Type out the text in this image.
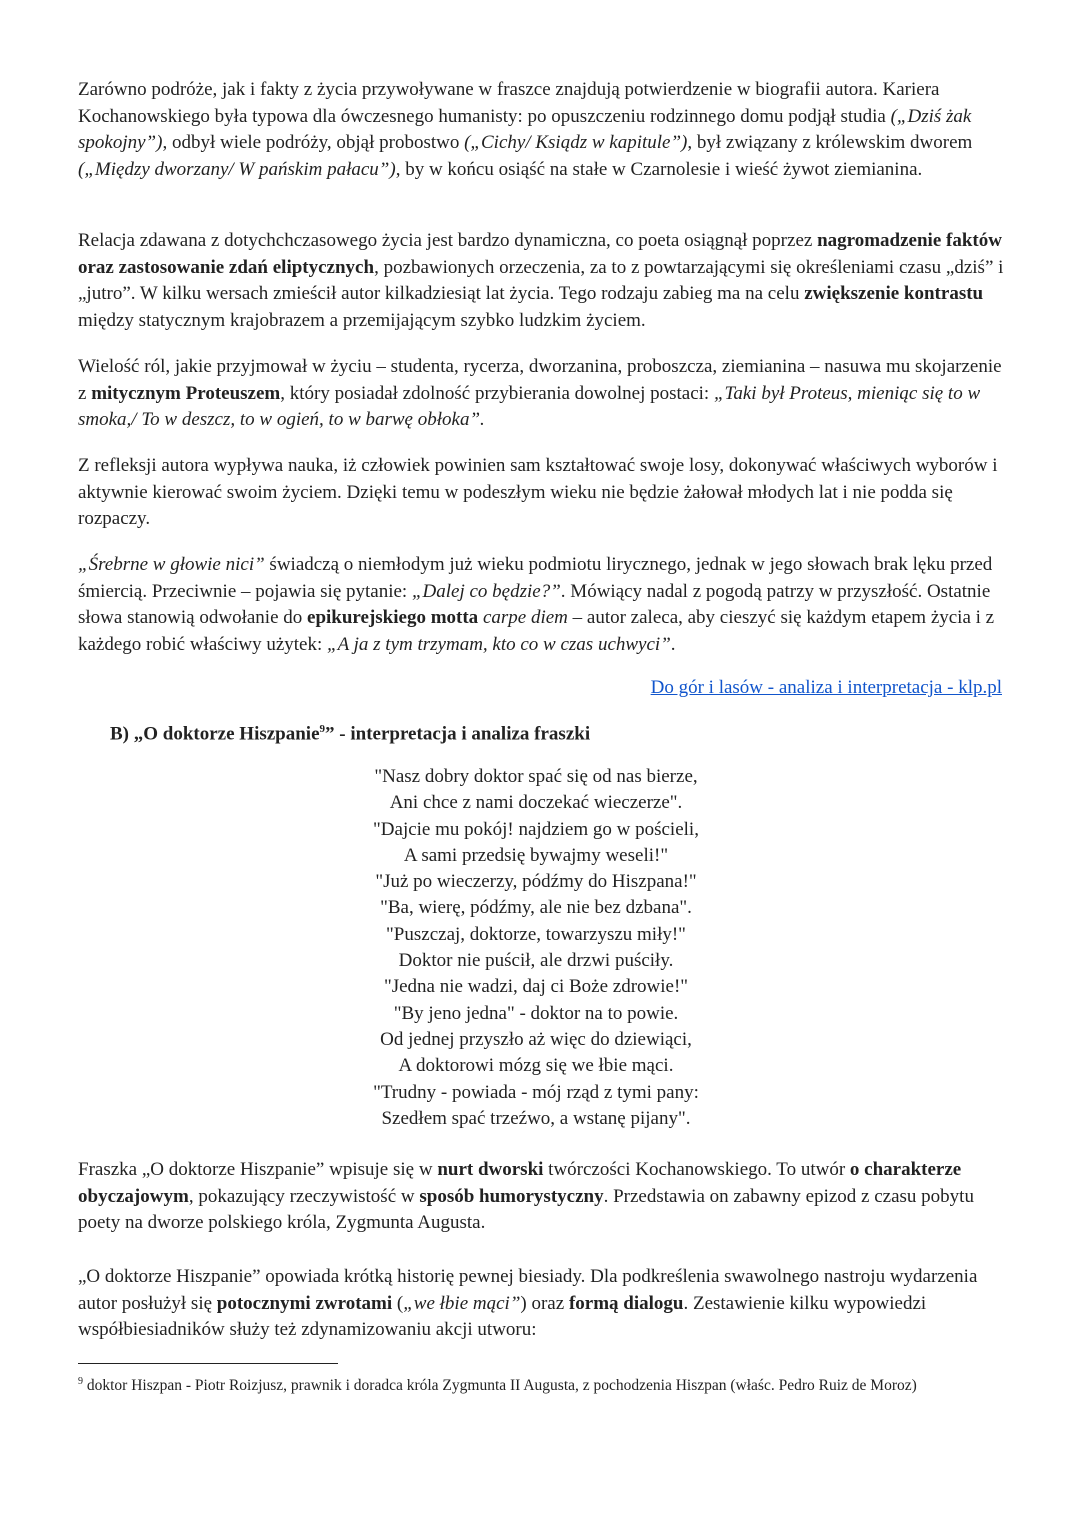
Zarówno podróże, jak i fakty z życia przywoływane w fraszce znajdują potwierdzenie w biografii autora. Kariera Kochanowskiego była typowa dla ówczesnego humanisty: po opuszczeniu rodzinnego domu podjął studia („Dziś żak spokojny”), odbył wiele podróży, objął probostwo („Cichy/ Ksiądz w kapitule”), był związany z królewskim dworem („Między dworzany/ W pańskim pałacu”), by w końcu osiąść na stałe w Czarnolesie i wieść żywot ziemianina.

Relacja zdawana z dotychchczasowego życia jest bardzo dynamiczna, co poeta osiągnął poprzez nagromadzenie faktów oraz zastosowanie zdań eliptycznych, pozbawionych orzeczenia, za to z powtarzającymi się określeniami czasu „dziś” i „jutro”. W kilku wersach zmieścił autor kilkadziesiąt lat życia. Tego rodzaju zabieg ma na celu zwiększenie kontrastu między statycznym krajobrazem a przemijającym szybko ludzkim życiem.

Wielość ról, jakie przyjmował w życiu – studenta, rycerza, dworzanina, proboszcza, ziemianina – nasuwa mu skojarzenie z mitycznym Proteuszem, który posiadał zdolność przybierania dowolnej postaci: „Taki był Proteus, mieniąc się to w smoka,/ To w deszcz, to w ogień, to w barwę obłoka”.

Z refleksji autora wypływa nauka, iż człowiek powinien sam kształtować swoje losy, dokonywać właściwych wyborów i aktywnie kierować swoim życiem. Dzięki temu w podeszłym wieku nie będzie żałował młodych lat i nie podda się rozpaczy.

„Śrebrne w głowie nici” świadczą o niemłodym już wieku podmiotu lirycznego, jednak w jego słowach brak lęku przed śmiercią. Przeciwnie – pojawia się pytanie: „Dalej co będzie?”. Mówiący nadal z pogodą patrzy w przyszłość. Ostatnie słowa stanowią odwołanie do epikurejskiego motta carpe diem – autor zaleca, aby cieszyć się każdym etapem życia i z każdego robić właściwy użytek: „A ja z tym trzymam, kto co w czas uchwyci”.

Do gór i lasów - analiza i interpretacja - klp.pl
B) „O doktorze Hiszpanie$^9$” - interpretacja i analiza fraszki
"Nasz dobry doktor spać się od nas bierze,
Ani chce z nami doczekać wieczerze".
"Dajcie mu pokój! najdziem go w pościeli,
A sami przedsię bywajmy weseli!"
"Już po wieczerzy, pódźmy do Hiszpana!"
"Ba, wierę, pódźmy, ale nie bez dzbana".
"Puszczaj, doktorze, towarzyszu miły!"
Doktor nie puścił, ale drzwi puściły.
"Jedna nie wadzi, daj ci Boże zdrowie!"
"By jeno jedna" - doktor na to powie.
Od jednej przyszło aż więc do dziewiąci,
A doktorowi mózg się we łbie mąci.
"Trudny - powiada - mój rząd z tymi pany:
Szedłem spać trzeźwo, a wstanę pijany".

Fraszka „O doktorze Hiszpanie” wpisuje się w nurt dworski twórczości Kochanowskiego. To utwór o charakterze obyczajowym, pokazujący rzeczywistość w sposób humorystyczny. Przedstawia on zabawny epizod z czasu pobytu poety na dworze polskiego króla, Zygmunta Augusta.

„O doktorze Hiszpanie” opowiada krótką historię pewnej biesiady. Dla podkreślenia swawolnego nastroju wydarzenia autor posłużył się potocznymi zwrotami („we łbie mąci”) oraz formą dialogu. Zestawienie kilku wypowiedzi współbiesiadników służy też zdynamizowaniu akcji utworu:

$^9$ doktor Hiszpan - Piotr Roizjusz, prawnik i doradca króla Zygmunta II Augusta, z pochodzenia Hiszpan (właśc. Pedro Ruiz de Moroz)
